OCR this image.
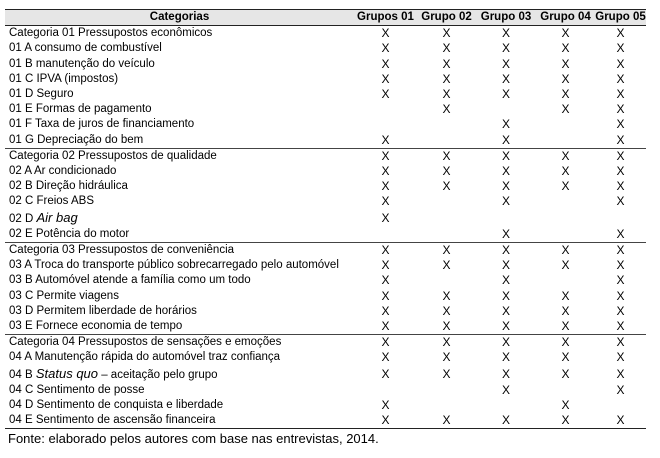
Categorias	Grupos 01	Grupo 02	Grupo 03	Grupo 04	Grupo 05
Categoria 01 Pressupostos econômicos	X	X	X	X	X
01 A consumo de combustível	X	X	X	X	X
01 B manutenção do veículo	X	X	X	X	X
01 C IPVA (impostos)	X	X	X	X	X
01 D Seguro	X	X	X	X	X
01 E Formas de pagamento		X		X	X
01 F Taxa de juros de financiamento			X		X
01 G Depreciação do bem	X		X		X
Categoria 02 Pressupostos de qualidade	X	X	X	X	X
02 A Ar condicionado	X	X	X	X	X
02 B Direção hidráulica	X	X	X	X	X
02 C Freios ABS	X		X		X
02 D Air bag	X				
02 E Potência do motor			X		X
Categoria 03 Pressupostos de conveniência	X	X	X	X	X
03 A Troca do transporte público sobrecarregado pelo automóvel	X	X	X	X	X
03 B Automóvel atende a família como um todo	X		X		X
03 C Permite viagens	X	X	X	X	X
03 D Permitem liberdade de horários	X	X	X	X	X
03 E Fornece economia de tempo	X	X	X	X	X
Categoria 04 Pressupostos de sensações e emoções	X	X	X	X	X
04 A Manutenção rápida do automóvel traz confiança	X	X	X	X	X
04 B Status quo – aceitação pelo grupo	X	X	X	X	X
04 C Sentimento de posse			X		X
04 D Sentimento de conquista e liberdade	X			X	
04 E Sentimento de ascensão financeira	X	X	X	X	X
Fonte: elaborado pelos autores com base nas entrevistas, 2014.
